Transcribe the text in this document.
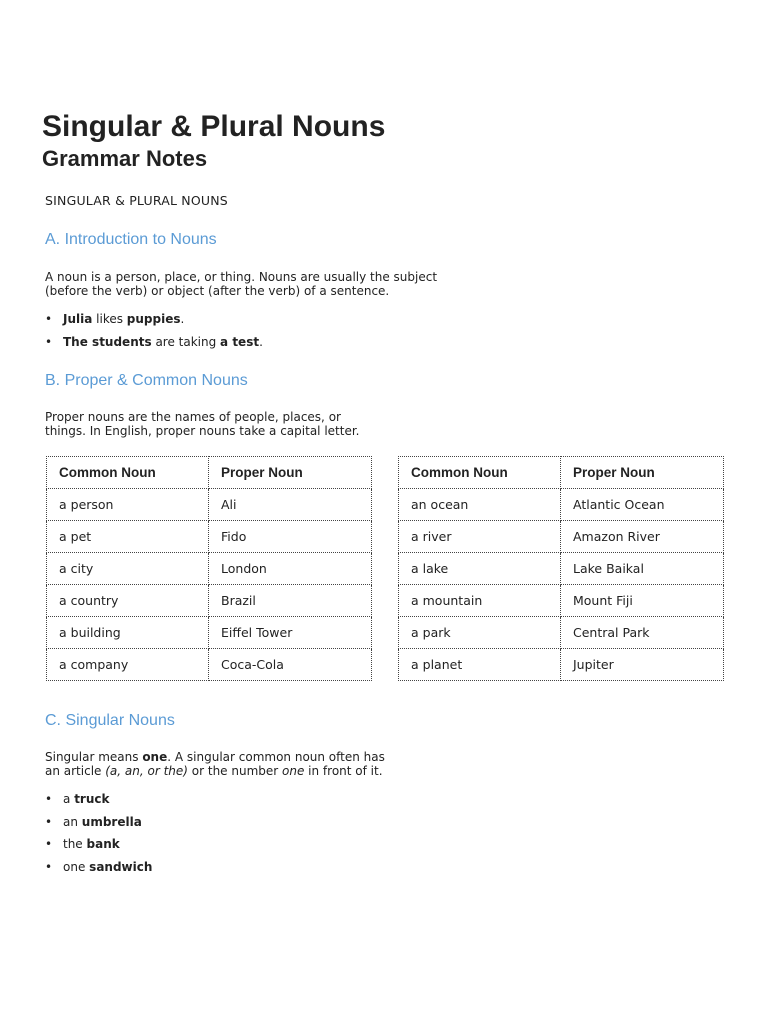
Singular & Plural Nouns
Grammar Notes
SINGULAR & PLURAL NOUNS
A. Introduction to Nouns

A noun is a person, place, or thing. Nouns are usually the subject
(before the verb) or object (after the verb) of a sentence.

• Julia likes puppies.
• The students are taking a test.
B. Proper & Common Nouns

Proper nouns are the names of people, places, or
things. In English, proper nouns take a capital letter.

Common Noun	Proper Noun
a person	Ali
a pet	Fido
a city	London
a country	Brazil
a building	Eiffel Tower
a company	Coca-Cola
Common Noun	Proper Noun
an ocean	Atlantic Ocean
a river	Amazon River
a lake	Lake Baikal
a mountain	Mount Fiji
a park	Central Park
a planet	Jupiter
C. Singular Nouns

Singular means one. A singular common noun often has
an article (a, an, or the) or the number one in front of it.

• a truck
• an umbrella
• the bank
• one sandwich
